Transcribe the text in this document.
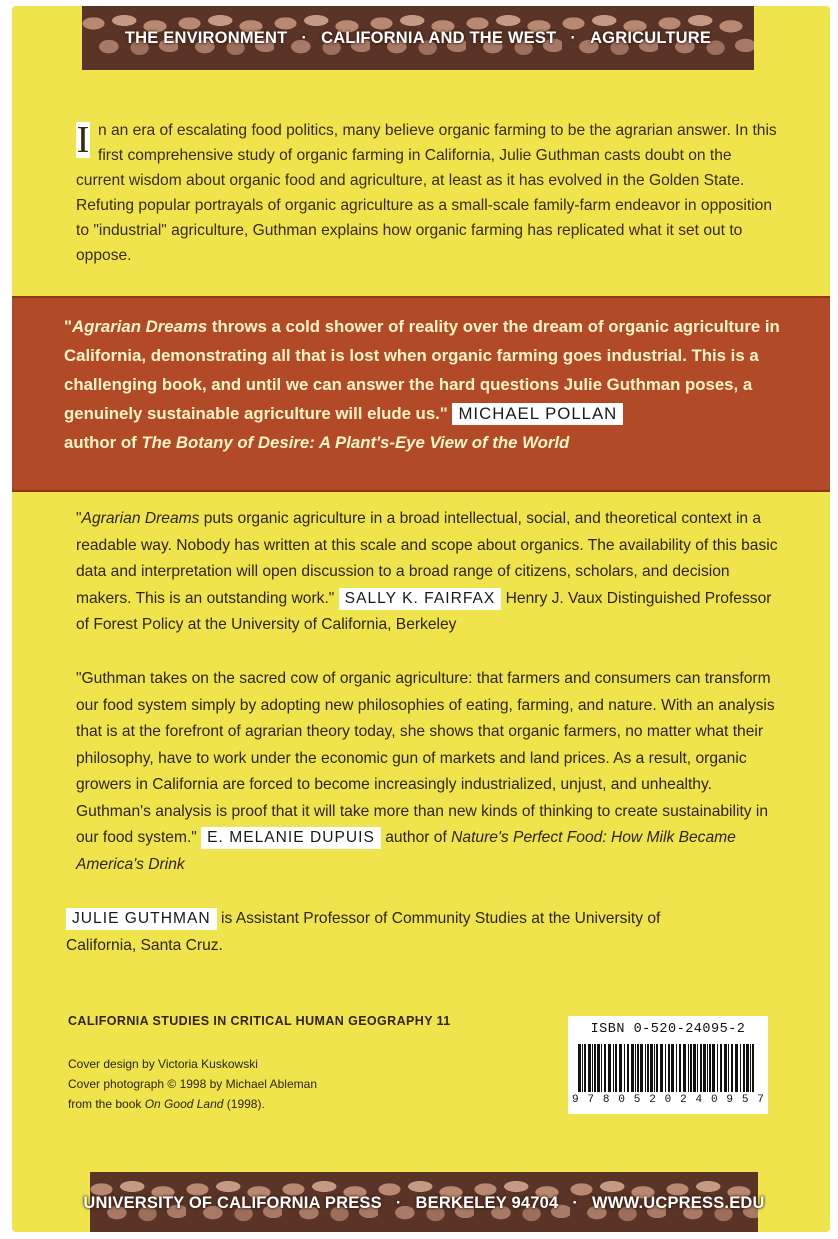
THE ENVIRONMENT · CALIFORNIA AND THE WEST · AGRICULTURE
I n an era of escalating food politics, many believe organic farming to be the agrarian answer. In this first comprehensive study of organic farming in California, Julie Guthman casts doubt on the current wisdom about organic food and agriculture, at least as it has evolved in the Golden State. Refuting popular portrayals of organic agriculture as a small-scale family-farm endeavor in opposition to "industrial" agriculture, Guthman explains how organic farming has replicated what it set out to oppose.

"Agrarian Dreams throws a cold shower of reality over the dream of organic agriculture in California, demonstrating all that is lost when organic farming goes industrial. This is a challenging book, and until we can answer the hard questions Julie Guthman poses, a genuinely sustainable agriculture will elude us." MICHAEL POLLAN
author of The Botany of Desire: A Plant's-Eye View of the World

"Agrarian Dreams puts organic agriculture in a broad intellectual, social, and theoretical context in a readable way. Nobody has written at this scale and scope about organics. The availability of this basic data and interpretation will open discussion to a broad range of citizens, scholars, and decision makers. This is an outstanding work." SALLY K. FAIRFAX Henry J. Vaux Distinguished Professor of Forest Policy at the University of California, Berkeley

"Guthman takes on the sacred cow of organic agriculture: that farmers and consumers can transform our food system simply by adopting new philosophies of eating, farming, and nature. With an analysis that is at the forefront of agrarian theory today, she shows that organic farmers, no matter what their philosophy, have to work under the economic gun of markets and land prices. As a result, organic growers in California are forced to become increasingly industrialized, unjust, and unhealthy. Guthman's analysis is proof that it will take more than new kinds of thinking to create sustainability in our food system." E. MELANIE DUPUIS author of Nature's Perfect Food: How Milk Became America's Drink

JULIE GUTHMAN is Assistant Professor of Community Studies at the University of California, Santa Cruz.

CALIFORNIA STUDIES IN CRITICAL HUMAN GEOGRAPHY 11

Cover design by Victoria Kuskowski
Cover photograph © 1998 by Michael Ableman
from the book On Good Land (1998).
ISBN 0-520-24095-2
9 7 8 0 5 2 0 2 4 0 9 5 7
UNIVERSITY OF CALIFORNIA PRESS · BERKELEY 94704 · WWW.UCPRESS.EDU
